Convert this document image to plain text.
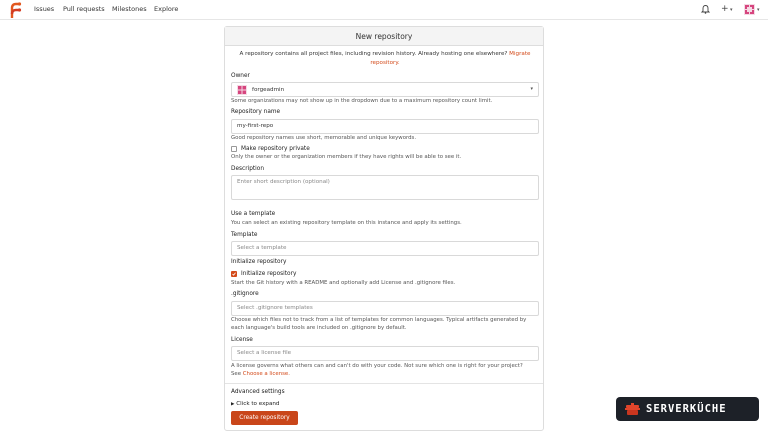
Issues Pull requests Milestones Explore	+ ▾	▾
New repository
A repository contains all project files, including revision history. Already hosting one elsewhere? Migrate repository.
Owner
forgeadmin	▾
Some organizations may not show up in the dropdown due to a maximum repository count limit.
Repository name
my-first-repo
Good repository names use short, memorable and unique keywords.
Make repository private
Only the owner or the organization members if they have rights will be able to see it.
Description
Enter short description (optional)
Use a template
You can select an existing repository template on this instance and apply its settings.
Template
Select a template
Initialize repository
Initialize repository
Start the Git history with a README and optionally add License and .gitignore files.
.gitignore
Select .gitignore templates
Choose which files not to track from a list of templates for common languages. Typical artifacts generated by
each language's build tools are included on .gitignore by default.
License
Select a license file
A license governs what others can and can't do with your code. Not sure which one is right for your project?
See Choose a license.
Advanced settings
▶ Click to expand
Create repository
SERVERKÜCHE
